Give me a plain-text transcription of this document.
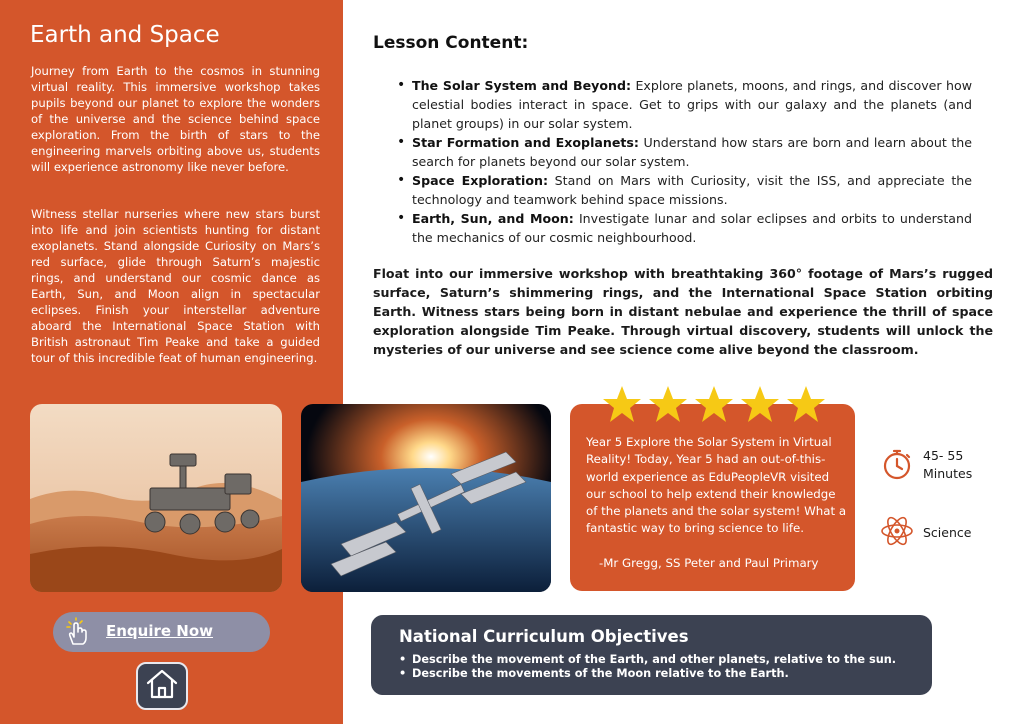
Earth and Space

Journey from Earth to the cosmos in stunning virtual reality. This immersive workshop takes pupils beyond our planet to explore the wonders of the universe and the science behind space exploration. From the birth of stars to the engineering marvels orbiting above us, students will experience astronomy like never before.

Witness stellar nurseries where new stars burst into life and join scientists hunting for distant exoplanets. Stand alongside Curiosity on Mars’s red surface, glide through Saturn’s majestic rings, and understand our cosmic dance as Earth, Sun, and Moon align in spectacular eclipses. Finish your interstellar adventure aboard the International Space Station with British astronaut Tim Peake and take a guided tour of this incredible feat of human engineering.

Enquire Now
Lesson Content:
• The Solar System and Beyond: Explore planets, moons, and rings, and discover how celestial bodies interact in space. Get to grips with our galaxy and the planets (and planet groups) in our solar system.
• Star Formation and Exoplanets: Understand how stars are born and learn about the search for planets beyond our solar system.
• Space Exploration: Stand on Mars with Curiosity, visit the ISS, and appreciate the technology and teamwork behind space missions.
• Earth, Sun, and Moon: Investigate lunar and solar eclipses and orbits to understand the mechanics of our cosmic neighbourhood.

Float into our immersive workshop with breathtaking 360° footage of Mars’s rugged surface, Saturn’s shimmering rings, and the International Space Station orbiting Earth. Witness stars being born in distant nebulae and experience the thrill of space exploration alongside Tim Peake. Through virtual discovery, students will unlock the mysteries of our universe and see science come alive beyond the classroom.

Year 5 Explore the Solar System in Virtual Reality! Today, Year 5 had an out-of-this-world experience as EduPeopleVR visited our school to help extend their knowledge of the planets and the solar system! What a fantastic way to bring science to life.

-Mr Gregg, SS Peter and Paul Primary

45- 55 Minutes

Science

National Curriculum Objectives
• Describe the movement of the Earth, and other planets, relative to the sun.
• Describe the movements of the Moon relative to the Earth.
